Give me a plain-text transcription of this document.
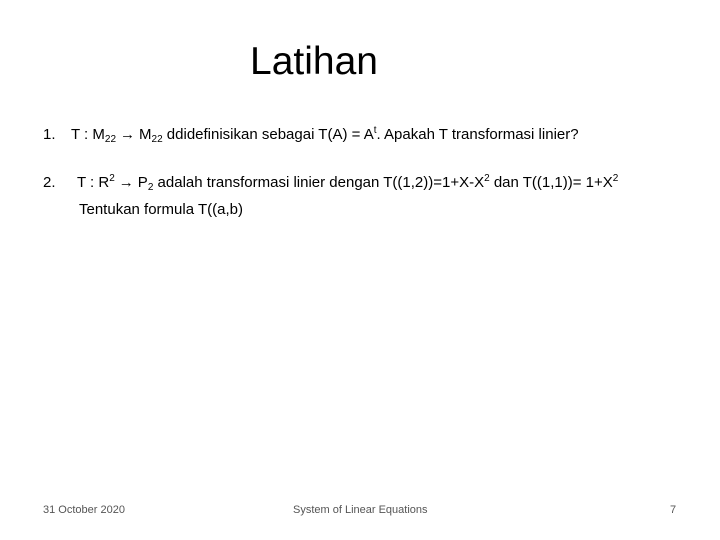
Latihan
1. T : $M_{22} \to M_{22}$ ddidefinisikan sebagai $T(A) = A^t$. Apakah T transformasi linier?
2. T : $R^2 \to P_2$ adalah transformasi linier dengan $T((1,2))=1+X-X^2$ dan $T((1,1))= 1+X^2$
Tentukan formula T((a,b)
31 October 2020	System of Linear Equations	7
